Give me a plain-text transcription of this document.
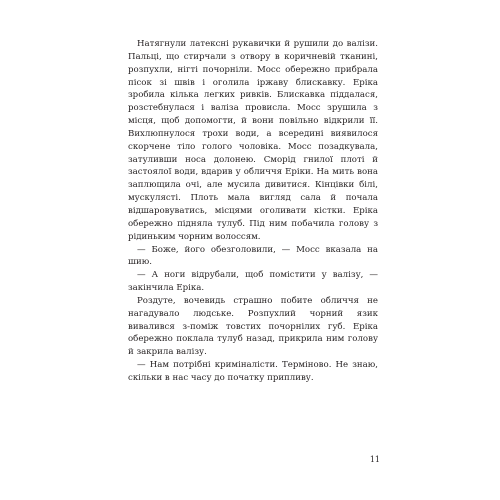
Натягнули латексні рукавички й рушили до валізи. Пальці, що стирчали з отвору в коричневій тканині, розпухли, нігті почорніли. Мосс обережно прибрала пісок зі швів і оголила іржаву блискавку. Еріка зробила кілька легких ривків. Блискавка піддалася, розстебнулася і валіза провисла. Мосс зрушила з місця, щоб допомогти, й вони повільно відкрили її. Вихлюпнулося трохи води, а всередині виявилося скорчене тіло голого чоловіка. Мосс позадкувала, затуливши носа долонею. Сморід гнилої плоті й застоялої води, вдарив у обличчя Еріки. На мить вона заплющила очі, але мусила дивитися. Кінцівки білі, мускулясті. Плоть мала вигляд сала й почала відшаровуватись, місцями оголивати кістки. Еріка обережно підняла тулуб. Під ним побачила голову з рідиньким чорним волоссям.

— Боже, його обезголовили, — Мосс вказала на шию.

— А ноги відрубали, щоб помістити у валізу, — закінчила Еріка.

Роздуте, вочевидь страшно побите обличчя не нагадувало людське. Розпухлий чорний язик вивалився з-поміж товстих почорнілих губ. Еріка обережно поклала тулуб назад, прикрила ним голову й закрила валізу.

— Нам потрібні криміналісти. Терміново. Не знаю, скільки в нас часу до початку припливу.

11
